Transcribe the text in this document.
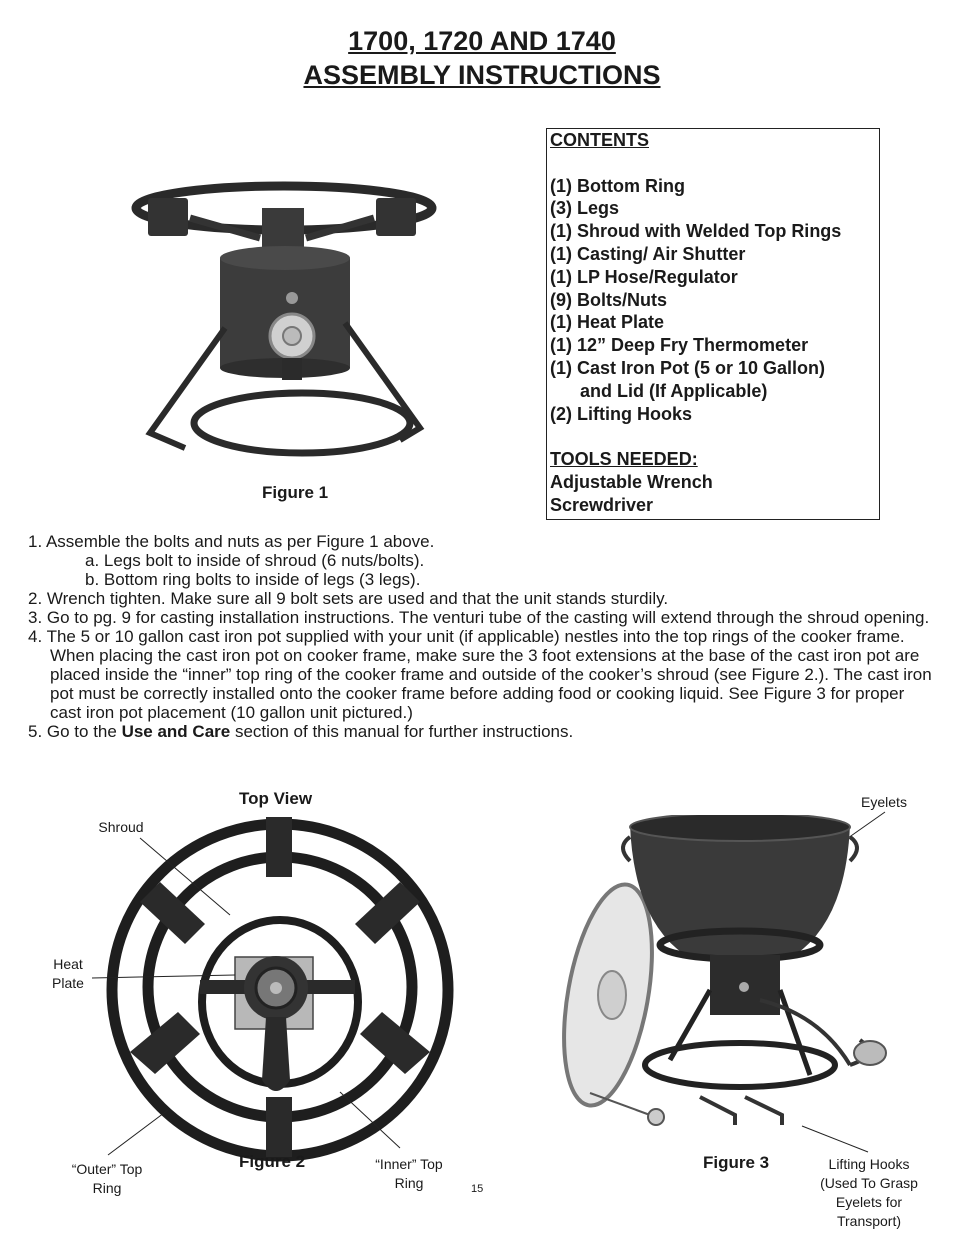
1700, 1720 AND 1740
ASSEMBLY INSTRUCTIONS
Figure 1
CONTENTS
(1) Bottom Ring
(3) Legs
(1) Shroud with Welded Top Rings
(1) Casting/ Air Shutter
(1) LP Hose/Regulator
(9) Bolts/Nuts
(1) Heat Plate
(1) 12” Deep Fry Thermometer
(1) Cast Iron Pot (5 or 10 Gallon)
and Lid (If Applicable)
(2) Lifting Hooks
TOOLS NEEDED:
Adjustable Wrench
Screwdriver

1. Assemble the bolts and nuts as per Figure 1 above.

a. Legs bolt to inside of shroud (6 nuts/bolts).

b. Bottom ring bolts to inside of legs (3 legs).

2. Wrench tighten. Make sure all 9 bolt sets are used and that the unit stands sturdily.

3. Go to pg. 9 for casting installation instructions. The venturi tube of the casting will extend through the shroud opening.

4. The 5 or 10 gallon cast iron pot supplied with your unit (if applicable) nestles into the top rings of the cooker frame. When placing the cast iron pot on cooker frame, make sure the 3 foot extensions at the base of the cast iron pot are placed inside the “inner” top ring of the cooker frame and outside of the cooker’s shroud (see Figure 2.). The cast iron pot must be correctly installed onto the cooker frame before adding food or cooking liquid. See Figure 3 for proper cast iron pot placement (10 gallon unit pictured.)

5. Go to the Use and Care section of this manual for further instructions.

Top View
Shroud
Heat
Plate
“Outer” Top
Ring
Figure 2	“Inner” Top
Ring	15
Eyelets
Figure 3	Lifting Hooks
(Used To Grasp
Eyelets for
Transport)
